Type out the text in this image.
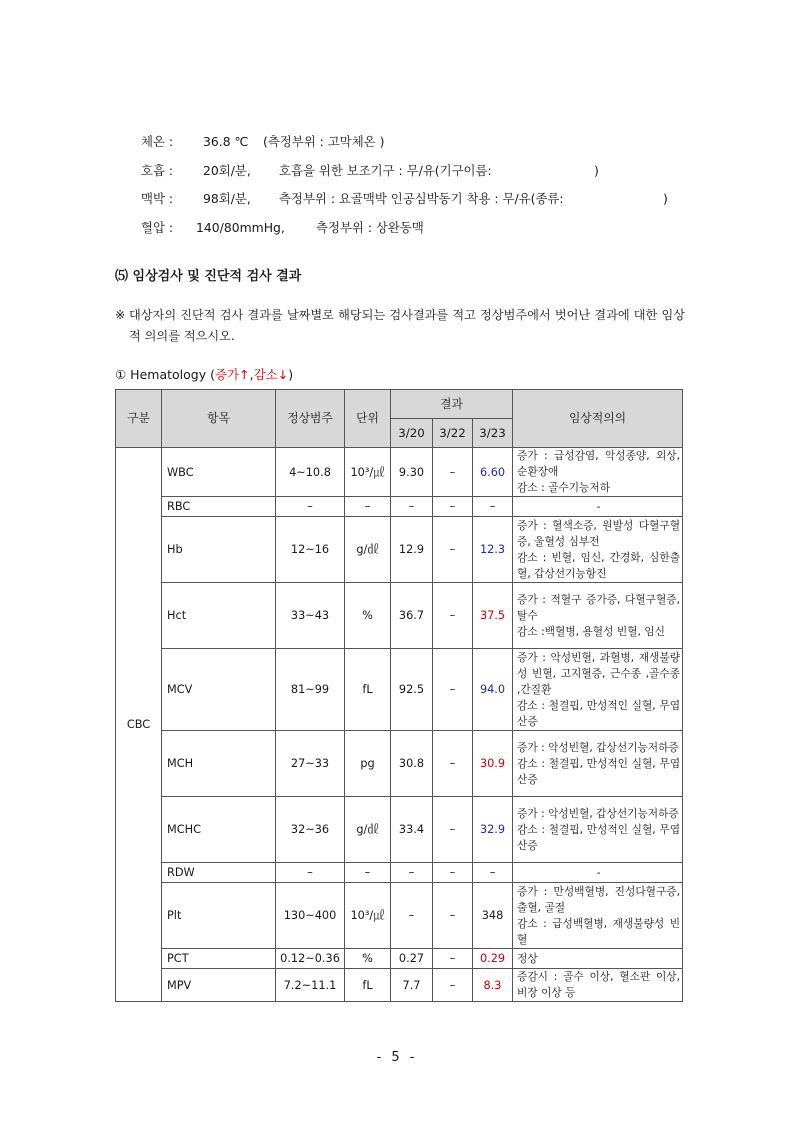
체온 : 36.8 ℃ (측정부위 : 고막체온 )
호흡 : 20회/분, 호흡을 위한 보조기구 : 무/유(기구이름:	)
맥박 : 98회/분, 측정부위 : 요골맥박 인공심박동기 착용 : 무/유(종류:	)
혈압 : 140/80mmHg,	측정부위 : 상완동맥
⑸ 임상검사 및 진단적 검사 결과
※ 대상자의 진단적 검사 결과를 날짜별로 해당되는 검사결과를 적고 정상범주에서 벗어난 결과에 대한 임상적 의의를 적으시오.
① Hematology (증가↑,감소↓)
구분	항목	정상범주	단위	결과			임상적의의
				3/20	3/22	3/23	
CBC	WBC	4~10.8	10³/㎕	9.30	–	6.60	증가 : 급성감염, 악성종양, 외상, 순환장애
감소 : 골수기능저하

	RBC	–	–	–	–	–	-

	Hb	12~16	g/㎗	12.9	–	12.3	증가 : 혈색소증, 원발성 다혈구혈증, 울혈성 심부전
감소 : 빈혈, 임신, 간경화, 심한출혈, 갑상선기능항진

	Hct	33~43	%	36.7	–	37.5	증가 : 적혈구 증가증, 다혈구혈증, 탈수
감소 :백혈병, 용혈성 빈혈, 임신

	MCV	81~99	fL	92.5	–	94.0	증가 : 악성빈혈, 과혈병, 재생불량성 빈혈, 고지혈증, 근수종 ,골수종 ,간질환
감소 : 철결핍, 만성적인 실혈, 무엽산증

	MCH	27~33	pg	30.8	–	30.9	증가 : 악성빈혈, 갑상선기능저하증
감소 : 철결핍, 만성적인 실혈, 무엽산증

	MCHC	32~36	g/㎗	33.4	–	32.9	증가 : 악성빈혈, 갑상선기능저하증
감소 : 철결핍, 만성적인 실혈, 무엽산증

	RDW	–	–	–	–	–	-

	Plt	130~400	10³/㎕	–	–	348	증가 : 만성백혈병, 진성다혈구증, 출혈, 골절
감소 : 급성백혈병, 재생불량성 빈혈

	PCT	0.12~0.36	%	0.27	–	0.29	정상

	MPV	7.2~11.1	fL	7.7	–	8.3	증감시 : 골수 이상, 혈소판 이상, 비장 이상 등
- 5 -
